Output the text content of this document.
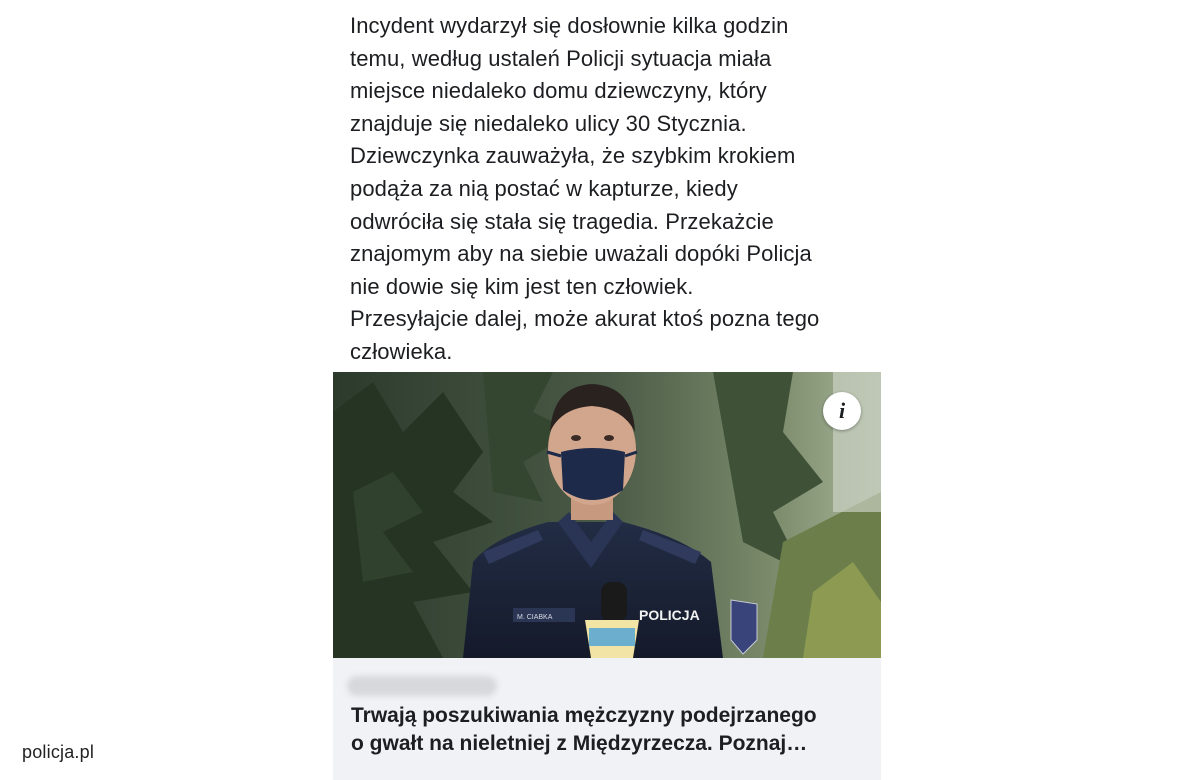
Incydent wydarzył się dosłownie kilka godzin
temu, według ustaleń Policji sytuacja miała
miejsce niedaleko domu dziewczyny, który
znajduje się niedaleko ulicy 30 Stycznia.
Dziewczynka zauważyła, że szybkim krokiem
podąża za nią postać w kapturze, kiedy
odwróciła się stała się tragedia. Przekażcie
znajomym aby na siebie uważali dopóki Policja
nie dowie się kim jest ten człowiek.
Przesyłajcie dalej, może akurat ktoś pozna tego
człowieka.
M. CIABKA	POLICJA
i
Trwają poszukiwania mężczyzny podejrzanego
o gwałt na nieletniej z Międzyrzecza. Poznaj…
policja.pl
